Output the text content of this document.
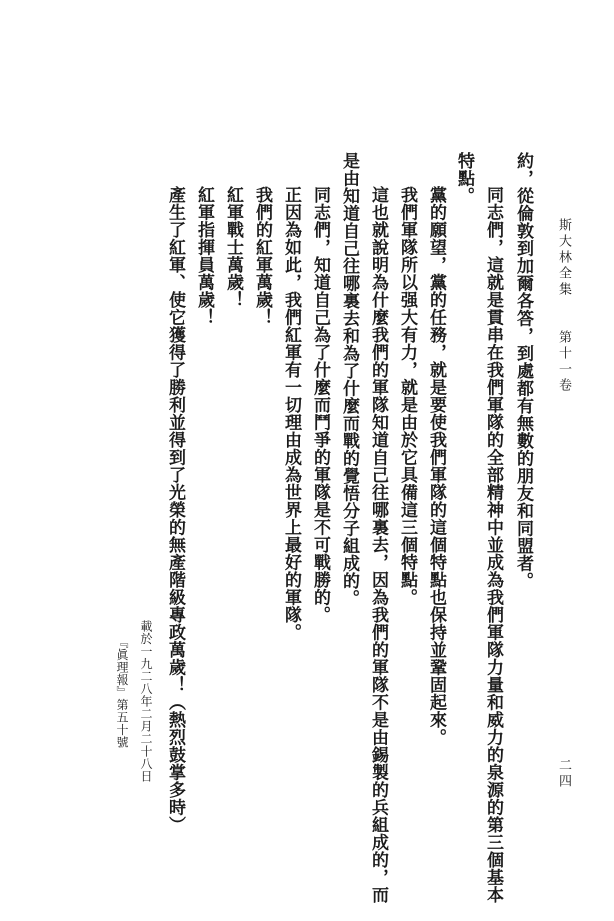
斯大林全集
第十一卷
二四
約，從倫敦到加爾各答，到處都有無數的朋友和同盟者。
同志們，這就是貫串在我們軍隊的全部精神中並成為我們軍隊力量和威力的泉源的第三個基本
特點。
黨的願望，黨的任務，就是要使我們軍隊的這個特點也保持並鞏固起來。
我們軍隊所以强大有力，就是由於它具備這三個特點。
這也就說明為什麼我們的軍隊知道自己往哪裏去，因為我們的軍隊不是由錫製的兵組成的，而
是由知道自己往哪裏去和為了什麼而戰的覺悟分子組成的。
同志們，知道自己為了什麼而鬥爭的軍隊是不可戰勝的。
正因為如此，我們紅軍有一切理由成為世界上最好的軍隊。
我們的紅軍萬歲！
紅軍戰士萬歲！
紅軍指揮員萬歲！
產生了紅軍、使它獲得了勝利並得到了光榮的無產階級專政萬歲！（熱烈鼓掌多時）
載於一九二八年二月二十八日
『眞理報』第五十號
